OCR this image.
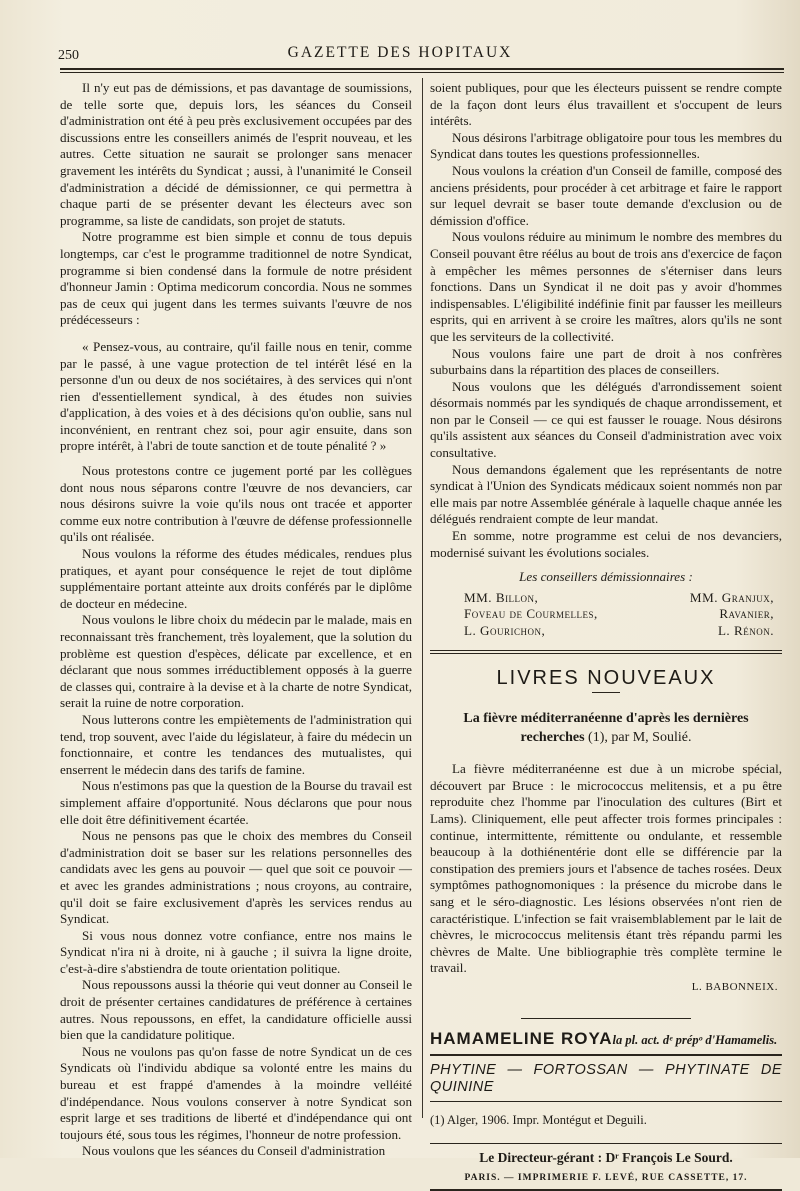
250	GAZETTE DES HOPITAUX

Il n'y eut pas de démissions, et pas davantage de soumissions, de telle sorte que, depuis lors, les séances du Conseil d'administration ont été à peu près exclusivement occupées par des discussions entre les conseillers animés de l'esprit nouveau, et les autres. Cette situation ne saurait se prolonger sans menacer gravement les intérêts du Syndicat ; aussi, à l'unanimité le Conseil d'administration a décidé de démissionner, ce qui permettra à chaque parti de se présenter devant les électeurs avec son programme, sa liste de candidats, son projet de statuts.

Notre programme est bien simple et connu de tous depuis longtemps, car c'est le programme traditionnel de notre Syndicat, programme si bien condensé dans la formule de notre président d'honneur Jamin : Optima medicorum concordia. Nous ne sommes pas de ceux qui jugent dans les termes suivants l'œuvre de nos prédécesseurs :

« Pensez-vous, au contraire, qu'il faille nous en tenir, comme par le passé, à une vague protection de tel intérêt lésé en la personne d'un ou deux de nos sociétaires, à des services qui n'ont rien d'essentiellement syndical, à des études non suivies d'application, à des voies et à des décisions qu'on oublie, sans nul inconvénient, en rentrant chez soi, pour agir ensuite, dans son propre intérêt, à l'abri de toute sanction et de toute pénalité ? »

Nous protestons contre ce jugement porté par les collègues dont nous nous séparons contre l'œuvre de nos devanciers, car nous désirons suivre la voie qu'ils nous ont tracée et apporter comme eux notre contribution à l'œuvre de défense professionnelle qu'ils ont réalisée.

Nous voulons la réforme des études médicales, rendues plus pratiques, et ayant pour conséquence le rejet de tout diplôme supplémentaire portant atteinte aux droits conférés par le diplôme de docteur en médecine.

Nous voulons le libre choix du médecin par le malade, mais en reconnaissant très franchement, très loyalement, que la solution du problème est question d'espèces, délicate par excellence, et en déclarant que nous sommes irréductiblement opposés à la guerre de classes qui, contraire à la devise et à la charte de notre Syndicat, serait la ruine de notre corporation.

Nous lutterons contre les empiètements de l'administration qui tend, trop souvent, avec l'aide du législateur, à faire du médecin un fonctionnaire, et contre les tendances des mutualistes, qui enserrent le médecin dans des tarifs de famine.

Nous n'estimons pas que la question de la Bourse du travail est simplement affaire d'opportunité. Nous déclarons que pour nous elle doit être définitivement écartée.

Nous ne pensons pas que le choix des membres du Conseil d'administration doit se baser sur les relations personnelles des candidats avec les gens au pouvoir — quel que soit ce pouvoir — et avec les grandes administrations ; nous croyons, au contraire, qu'il doit se faire exclusivement d'après les services rendus au Syndicat.

Si vous nous donnez votre confiance, entre nos mains le Syndicat n'ira ni à droite, ni à gauche ; il suivra la ligne droite, c'est-à-dire s'abstiendra de toute orientation politique.

Nous repoussons aussi la théorie qui veut donner au Conseil le droit de présenter certaines candidatures de préférence à certaines autres. Nous repoussons, en effet, la candidature officielle aussi bien que la candidature politique.

Nous ne voulons pas qu'on fasse de notre Syndicat un de ces Syndicats où l'individu abdique sa volonté entre les mains du bureau et est frappé d'amendes à la moindre velléité d'indépendance. Nous voulons conserver à notre Syndicat son esprit large et ses traditions de liberté et d'indépendance qui ont toujours été, sous tous les régimes, l'honneur de notre profession.

Nous voulons que les séances du Conseil d'administration

soient publiques, pour que les électeurs puissent se rendre compte de la façon dont leurs élus travaillent et s'occupent de leurs intérêts.

Nous désirons l'arbitrage obligatoire pour tous les membres du Syndicat dans toutes les questions professionnelles.

Nous voulons la création d'un Conseil de famille, composé des anciens présidents, pour procéder à cet arbitrage et faire le rapport sur lequel devrait se baser toute demande d'exclusion ou de démission d'office.

Nous voulons réduire au minimum le nombre des membres du Conseil pouvant être réélus au bout de trois ans d'exercice de façon à empêcher les mêmes personnes de s'éterniser dans leurs fonctions. Dans un Syndicat il ne doit pas y avoir d'hommes indispensables. L'éligibilité indéfinie finit par fausser les meilleurs esprits, qui en arrivent à se croire les maîtres, alors qu'ils ne sont que les serviteurs de la collectivité.

Nous voulons faire une part de droit à nos confrères suburbains dans la répartition des places de conseillers.

Nous voulons que les délégués d'arrondissement soient désormais nommés par les syndiqués de chaque arrondissement, et non par le Conseil — ce qui est fausser le rouage. Nous désirons qu'ils assistent aux séances du Conseil d'administration avec voix consultative.

Nous demandons également que les représentants de notre syndicat à l'Union des Syndicats médicaux soient nommés non par elle mais par notre Assemblée générale à laquelle chaque année les délégués rendraient compte de leur mandat.

En somme, notre programme est celui de nos devanciers, modernisé suivant les évolutions sociales.

Les conseillers démissionnaires :
MM. Billon,
Foveau de Courmelles,
L. Gourichon,
MM. Granjux,
Ravanier,
L. Rénon.
LIVRES NOUVEAUX
La fièvre méditerranéenne d'après les dernières
recherches (1), par M, Soulié.

La fièvre méditerranéenne est due à un microbe spécial, découvert par Bruce : le micrococcus melitensis, et a pu être reproduite chez l'homme par l'inoculation des cultures (Birt et Lams). Cliniquement, elle peut affecter trois formes principales : continue, intermittente, rémittente ou ondulante, et ressemble beaucoup à la dothiénentérie dont elle se différencie par la constipation des premiers jours et l'absence de taches rosées. Deux symptômes pathognomoniques : la présence du microbe dans le sang et le séro-diagnostic. Les lésions observées n'ont rien de caractéristique. L'infection se fait vraisemblablement par le lait de chèvres, le micrococcus melitensis étant très répandu parmi les chèvres de Malte. Une bibliographie très complète termine le travail.

L. BABONNEIX.
HAMAMELINE ROYAla pl. act. dᵉ prépᵒ d'Hamamelis.
PHYTINE — FORTOSSAN — PHYTINATE DE QUININE

(1) Alger, 1906. Impr. Montégut et Deguili.

Le Directeur-gérant : Dʳ François Le Sourd.
PARIS. — IMPRIMERIE F. LEVÉ, RUE CASSETTE, 17.
